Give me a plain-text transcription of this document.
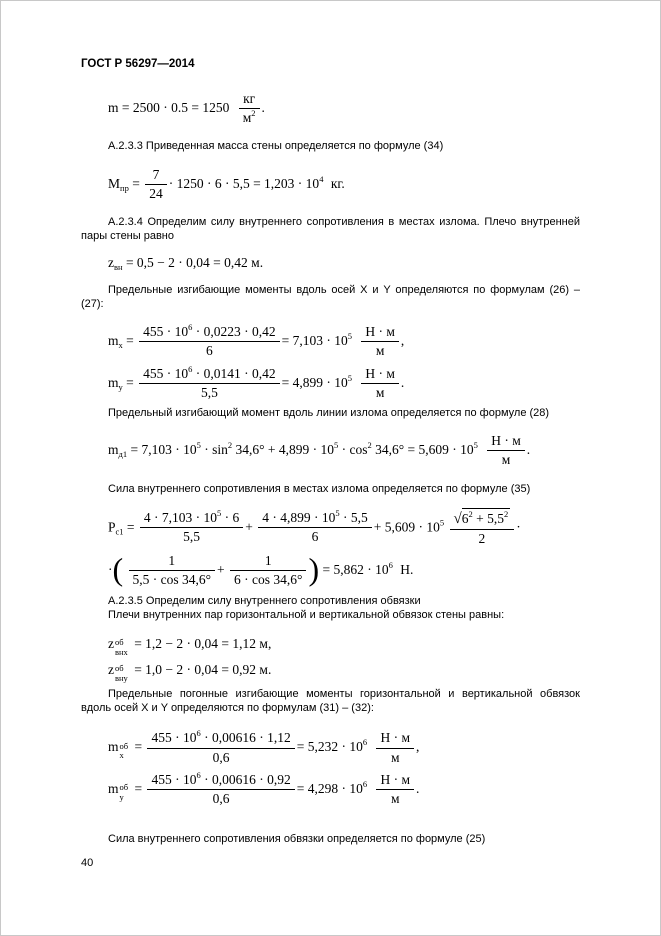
ГОСТ Р 56297—2014
$m = 2500 \cdot 0.5 = 1250 \frac{кг}{м^2}$ .

А.2.3.3 Приведенная масса стены определяется по формуле (34)

$М_{пр} = \frac{7}{24} \cdot 1250 \cdot 6 \cdot 5,5 = 1,203 \cdot 10^4$ кг.

А.2.3.4 Определим силу внутреннего сопротивления в местах излома. Плечо внутренней пары стены равно

$z_{вн} = 0,5 - 2 \cdot 0,04 = 0,42$ м.

Предельные изгибающие моменты вдоль осей X и Y определяются по формулам (26) – (27):

$m_x = \frac{455 \cdot 10^6 \cdot 0,0223 \cdot 0,42}{6} = 7,103 \cdot 10^5 \frac{Н \cdot м}{м}$ ,
$m_y = \frac{455 \cdot 10^6 \cdot 0,0141 \cdot 0,42}{5,5} = 4,899 \cdot 10^5 \frac{Н \cdot м}{м}$ .

Предельный изгибающий момент вдоль линии излома определяется по формуле (28)

$m_{д1} = 7,103 \cdot 10^5 \cdot \sin^2 34,6^\circ + 4,899 \cdot 10^5 \cdot \cos^2 34,6^\circ = 5,609 \cdot 10^5 \frac{Н \cdot м}{м}$ .

Сила внутреннего сопротивления в местах излома определяется по формуле (35)

$P_{с1} = \frac{4 \cdot 7,103 \cdot 10^5 \cdot 6}{5,5} + \frac{4 \cdot 4,899 \cdot 10^5 \cdot 5,5}{6} + 5,609 \cdot 10^5 \frac{√6^2 + 5,5^2}{2}$ ·
·( $\frac{1}{5,5 \cdot \cos 34,6^\circ} + \frac{1}{6 \cdot \cos 34,6^\circ}$ ) = $5,862 \cdot 10^6$ Н.

А.2.3.5 Определим силу внутреннего сопротивления обвязки

Плечи внутренних пар горизонтальной и вертикальной обвязок стены равны:

z об
внх
= 1,2 − 2 · 0,04 = 1,12 м,
z об
вну
= 1,0 − 2 · 0,04 = 0,92 м.

Предельные погонные изгибающие моменты горизонтальной и вертикальной обвязок вдоль осей X и Y определяются по формулам (31) – (32):

m об
x
= $\frac{455 \cdot 10^6 \cdot 0,00616 \cdot 1,12}{0,6} = 5,232 \cdot 10^6 \frac{Н \cdot м}{м}$ ,
m об
y
= $\frac{455 \cdot 10^6 \cdot 0,00616 \cdot 0,92}{0,6} = 4,298 \cdot 10^6 \frac{Н \cdot м}{м}$ .

Сила внутреннего сопротивления обвязки определяется по формуле (25)

40
